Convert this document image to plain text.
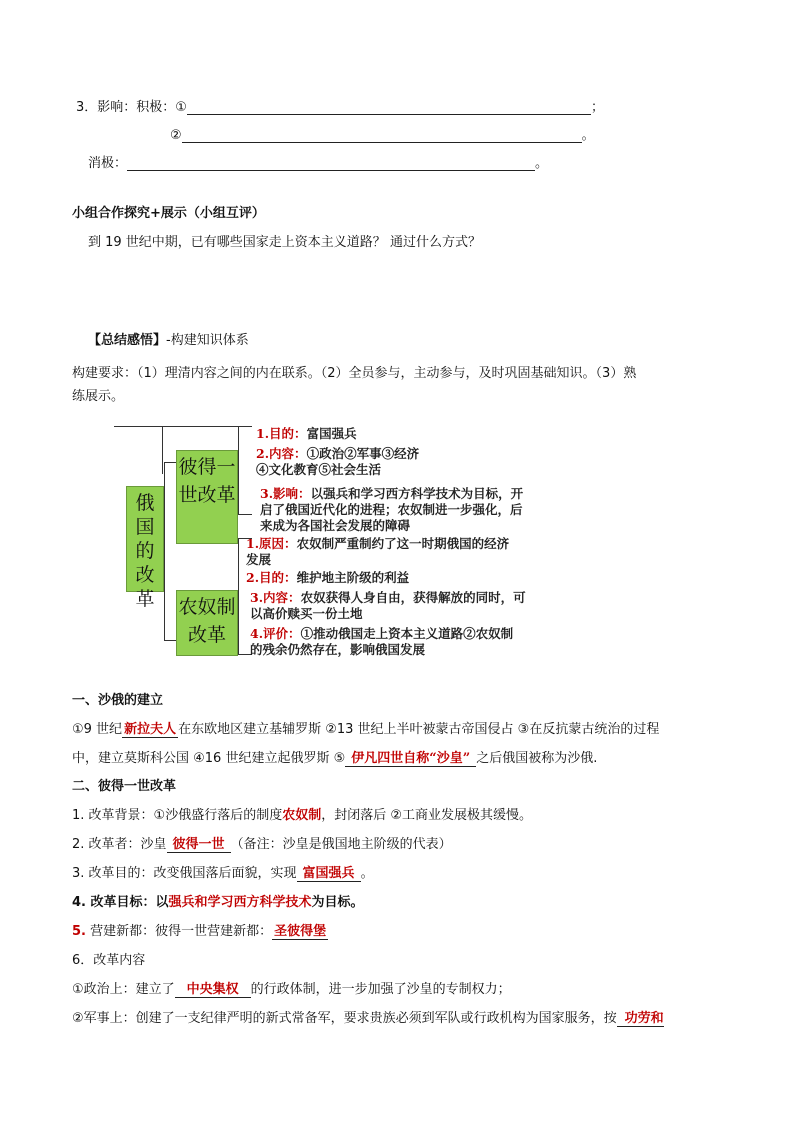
3．影响：积极：①	；
②	。
消极：	。
小组合作探究+展示（小组互评）
到 19 世纪中期，已有哪些国家走上资本主义道路？ 通过什么方式？
【总结感悟】-构建知识体系
构建要求：（1）理清内容之间的内在联系。（2）全员参与，主动参与，及时巩固基础知识。（3）熟
练展示。
俄国的改革
彼得一世改革
农奴制改革
1.目的：富国强兵
2.内容：①政治②军事③经济
④文化教育⑤社会生活
3.影响：以强兵和学习西方科学技术为目标，开
启了俄国近代化的进程；农奴制进一步强化，后
来成为各国社会发展的障碍
1.原因：农奴制严重制约了这一时期俄国的经济
发展
2.目的：维护地主阶级的利益
3.内容：农奴获得人身自由，获得解放的同时，可
以高价赎买一份土地
4.评价：①推动俄国走上资本主义道路②农奴制
的残余仍然存在，影响俄国发展
一、沙俄的建立
①9 世纪 新拉夫人 在东欧地区建立基辅罗斯 ②13 世纪上半叶被蒙古帝国侵占 ③在反抗蒙古统治的过程
中，建立莫斯科公国 ④16 世纪建立起俄罗斯 ⑤ 伊凡四世自称“沙皇” 之后俄国被称为沙俄.
二、彼得一世改革
1. 改革背景：①沙俄盛行落后的制度农奴制，封闭落后 ②工商业发展极其缓慢。
2. 改革者：沙皇 彼得一世 （备注：沙皇是俄国地主阶级的代表）
3. 改革目的：改变俄国落后面貌，实现 富国强兵 。
4. 改革目标：以强兵和学习西方科学技术为目标。
5. 营建新都：彼得一世营建新都： 圣彼得堡
6．改革内容
①政治上：建立了 中央集权 的行政体制，进一步加强了沙皇的专制权力；
②军事上：创建了一支纪律严明的新式常备军，要求贵族必须到军队或行政机构为国家服务，按 功劳和
